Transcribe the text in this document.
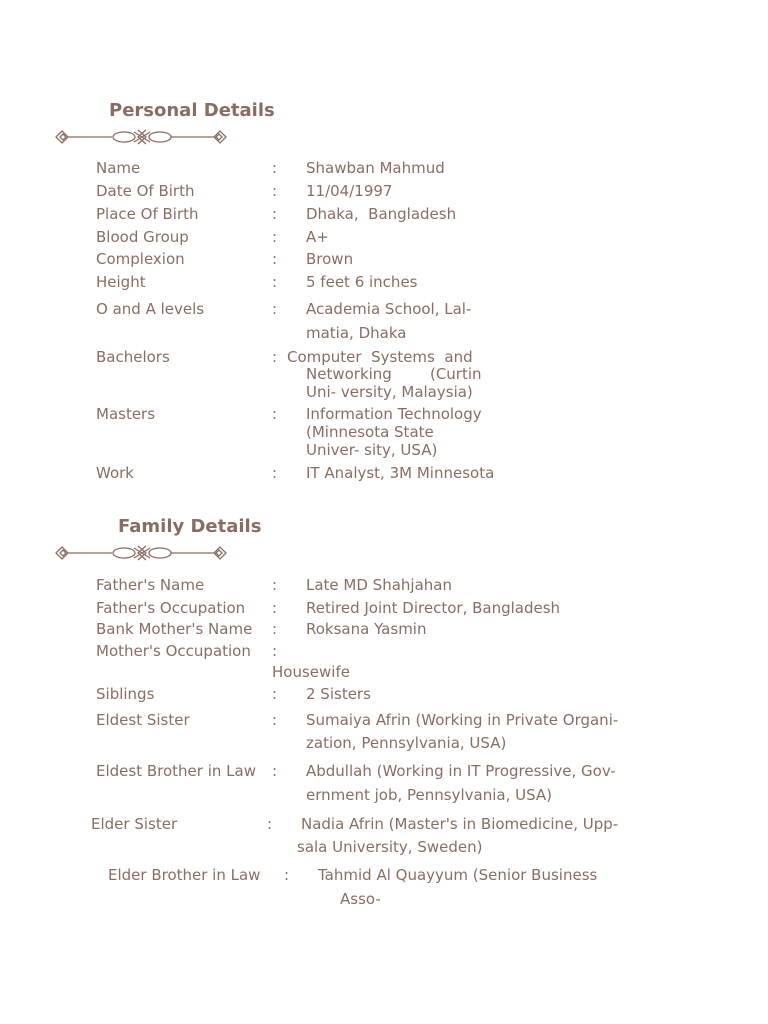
Personal Details
Name	: Shawban Mahmud
Date Of Birth	: 11/04/1997
Place Of Birth	: Dhaka,  Bangladesh
Blood Group	: A+
Complexion	: Brown
Height	: 5 feet 6 inches
O and A levels	: Academia School, Lal-
matia, Dhaka
Bachelors	: Computer  Systems  and
Networking        (Curtin
Uni- versity, Malaysia)
Masters	: Information Technology
(Minnesota State
Univer- sity, USA)
Work	: IT Analyst, 3M Minnesota
Family Details
Father's Name	: Late MD Shahjahan
Father's Occupation : Retired Joint Director, Bangladesh
Bank Mother's Name : Roksana Yasmin
Mother's Occupation :
Housewife
Siblings	: 2 Sisters
Eldest Sister	: Sumaiya Afrin (Working in Private Organi-
zation, Pennsylvania, USA)
Eldest Brother in Law : Abdullah (Working in IT Progressive, Gov-
ernment job, Pennsylvania, USA)
Elder Sister	: Nadia Afrin (Master's in Biomedicine, Upp-
sala University, Sweden)
Elder Brother in Law : Tahmid Al Quayyum (Senior Business
Asso-
